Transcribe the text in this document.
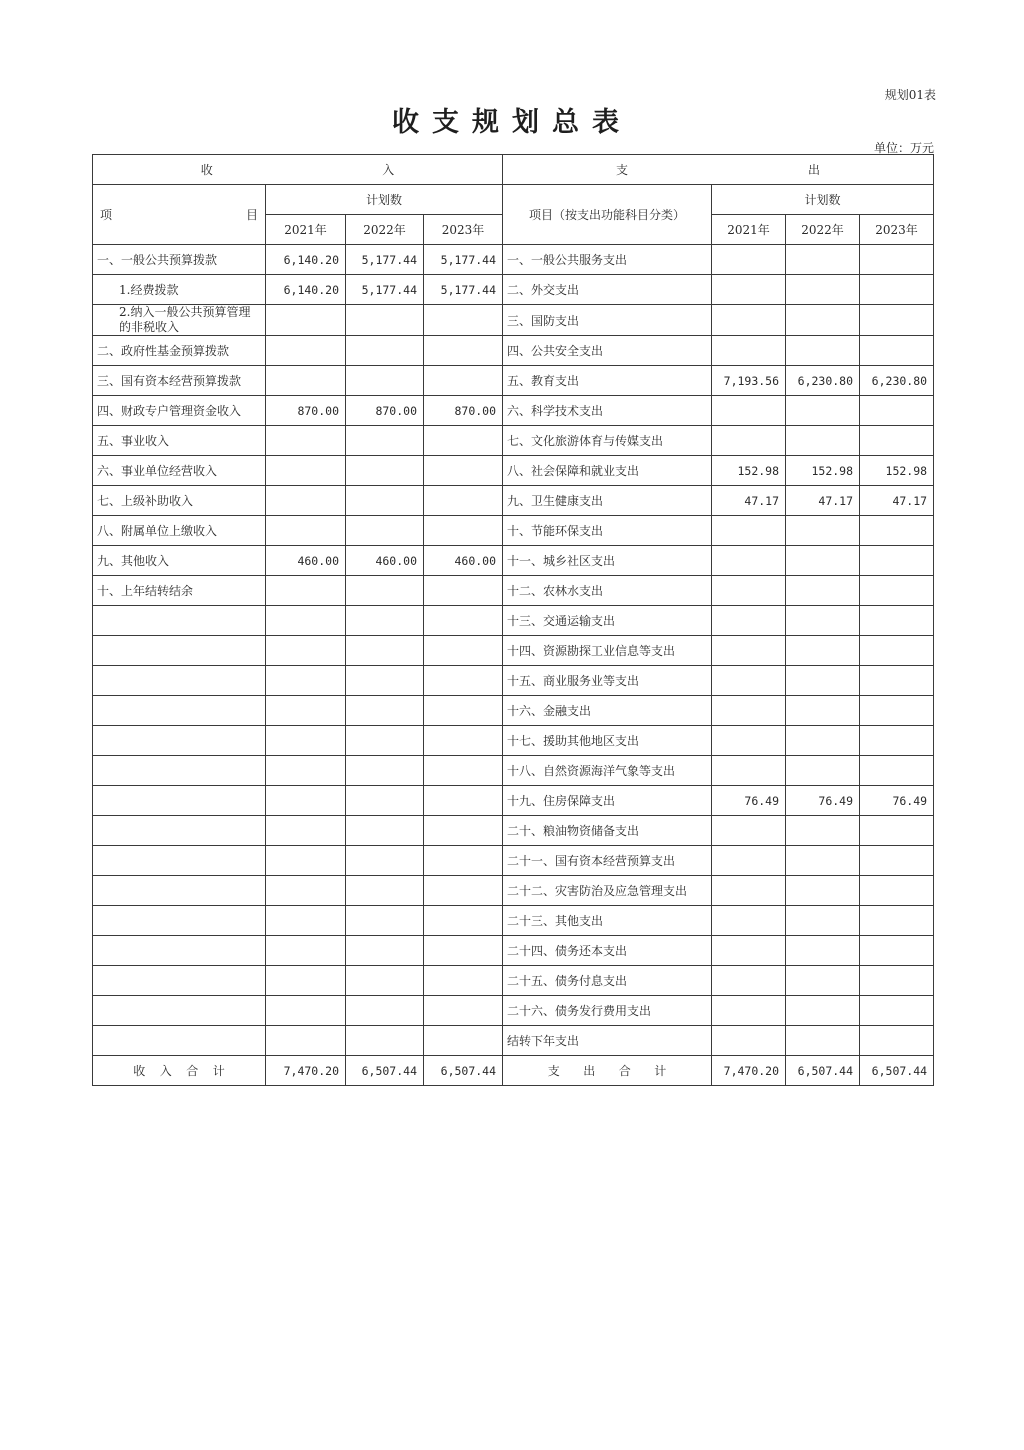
规划01表
收支规划总表
单位：万元
收 入				支 出			

项 目	计划数			项目（按支出功能科目分类）	计划数		
	2021年	2022年	2023年		2021年	2022年	2023年
一、一般公共预算拨款	6,140.20	5,177.44	5,177.44	一、一般公共服务支出			
1.经费拨款	6,140.20	5,177.44	5,177.44	二、外交支出			
2.纳入一般公共预算管理的非税收入				三、国防支出			
二、政府性基金预算拨款				四、公共安全支出			
三、国有资本经营预算拨款				五、教育支出	7,193.56	6,230.80	6,230.80
四、财政专户管理资金收入	870.00	870.00	870.00	六、科学技术支出			
五、事业收入				七、文化旅游体育与传媒支出			
六、事业单位经营收入				八、社会保障和就业支出	152.98	152.98	152.98
七、上级补助收入				九、卫生健康支出	47.17	47.17	47.17
八、附属单位上缴收入				十、节能环保支出			
九、其他收入	460.00	460.00	460.00	十一、城乡社区支出			
十、上年结转结余				十二、农林水支出			
				十三、交通运输支出			
				十四、资源勘探工业信息等支出			
				十五、商业服务业等支出			
				十六、金融支出			
				十七、援助其他地区支出			
				十八、自然资源海洋气象等支出			
				十九、住房保障支出	76.49	76.49	76.49
				二十、粮油物资储备支出			
				二十一、国有资本经营预算支出			
				二十二、灾害防治及应急管理支出			
				二十三、其他支出			
				二十四、债务还本支出			
				二十五、债务付息支出			
				二十六、债务发行费用支出			
				结转下年支出			

收 入 合 计	7,470.20	6,507.44	6,507.44	支 出 合 计	7,470.20	6,507.44	6,507.44
